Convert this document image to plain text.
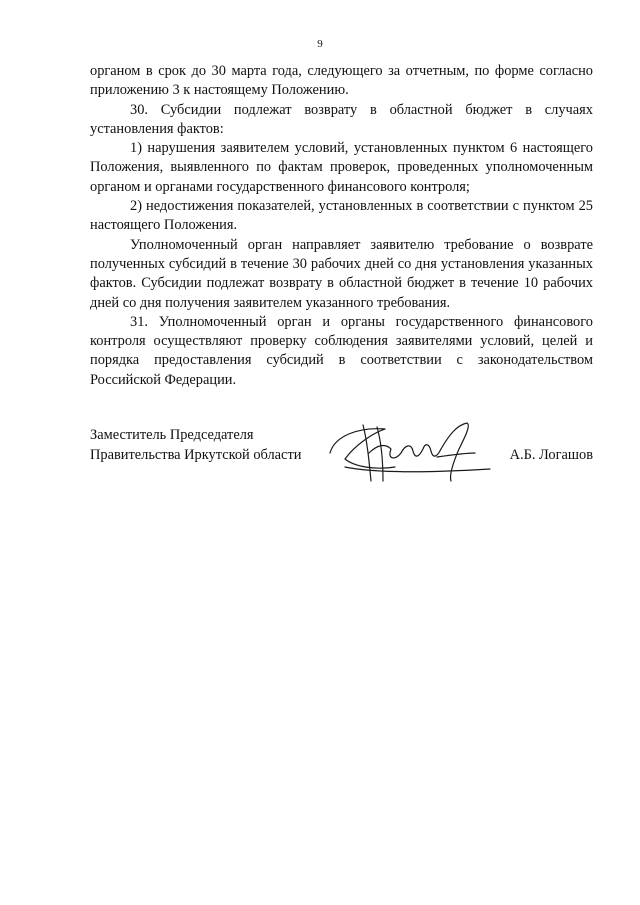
9

органом в срок до 30 марта года, следующего за отчетным, по форме согласно приложению 3 к настоящему Положению.

30. Субсидии подлежат возврату в областной бюджет в случаях установления фактов:

1) нарушения заявителем условий, установленных пунктом 6 настоящего Положения, выявленного по фактам проверок, проведенных уполномоченным органом и органами государственного финансового контроля;

2) недостижения показателей, установленных в соответствии с пунктом 25 настоящего Положения.

Уполномоченный орган направляет заявителю требование о возврате полученных субсидий в течение 30 рабочих дней со дня установления указанных фактов. Субсидии подлежат возврату в областной бюджет в течение 10 рабочих дней со дня получения заявителем указанного требования.

31. Уполномоченный орган и органы государственного финансового контроля осуществляют проверку соблюдения заявителями условий, целей и порядка предоставления субсидий в соответствии с законодательством Российской Федерации.

Заместитель Председателя
Правительства Иркутской области	А.Б. Логашов
